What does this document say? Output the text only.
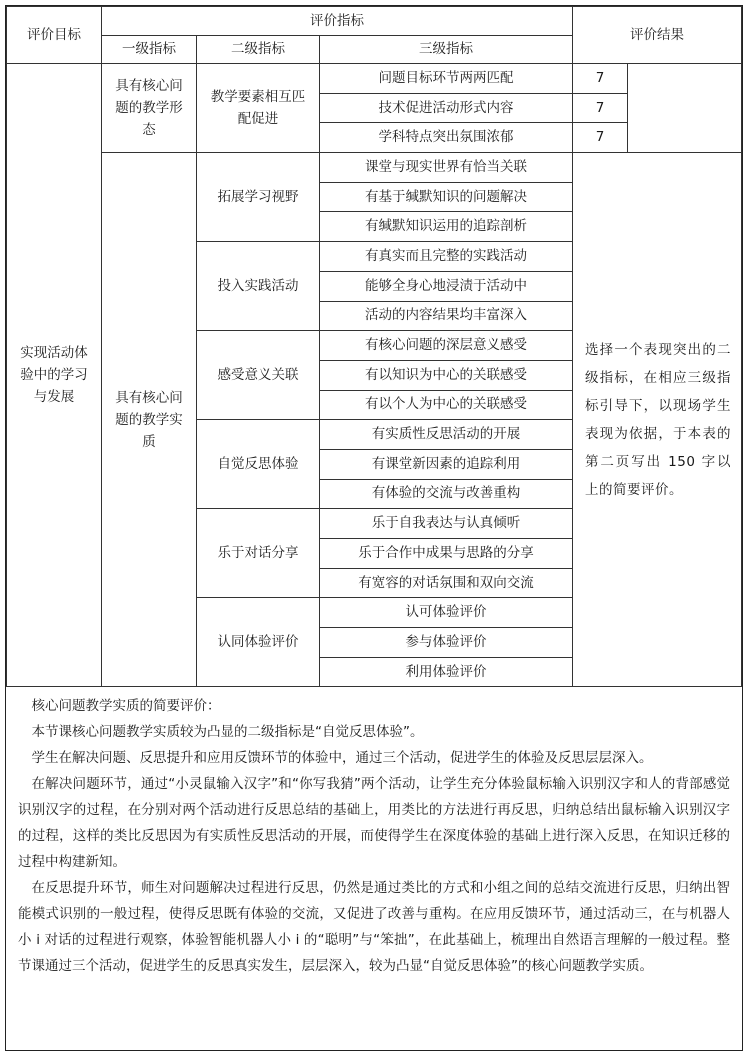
评价目标	评价指标			评价结果	
	一级指标	二级指标	三级指标		

实现活动体验中的学习与发展	具有核心问题的教学形态	教学要素相互匹配促进	问题目标环节两两匹配	7	
			技术促进活动形式内容	7	
			学科特点突出氛围浓郁	7	

	具有核心问题的教学实质	拓展学习视野	课堂与现实世界有恰当关联	选择一个表现突出的二级指标，在相应三级指标引导下，以现场学生表现为依据，于本表的第二页写出 150 字以上的简要评价。	

			有基于缄默知识的问题解决		
			有缄默知识运用的追踪剖析		
		投入实践活动	有真实而且完整的实践活动		
			能够全身心地浸渍于活动中		
			活动的内容结果均丰富深入		
		感受意义关联	有核心问题的深层意义感受		
			有以知识为中心的关联感受		
			有以个人为中心的关联感受		
		自觉反思体验	有实质性反思活动的开展		
			有课堂新因素的追踪利用		
			有体验的交流与改善重构		
		乐于对话分享	乐于自我表达与认真倾听		
			乐于合作中成果与思路的分享		
			有宽容的对话氛围和双向交流		
		认同体验评价	认可体验评价		
			参与体验评价		
			利用体验评价		

核心问题教学实质的简要评价：

本节课核心问题教学实质较为凸显的二级指标是“自觉反思体验”。

学生在解决问题、反思提升和应用反馈环节的体验中，通过三个活动，促进学生的体验及反思层层深入。

在解决问题环节，通过“小灵鼠输入汉字”和“你写我猜”两个活动，让学生充分体验鼠标输入识别汉字和人的背部感觉识别汉字的过程，在分别对两个活动进行反思总结的基础上，用类比的方法进行再反思，归纳总结出鼠标输入识别汉字的过程，这样的类比反思因为有实质性反思活动的开展，而使得学生在深度体验的基础上进行深入反思，在知识迁移的过程中构建新知。

在反思提升环节，师生对问题解决过程进行反思，仍然是通过类比的方式和小组之间的总结交流进行反思，归纳出智能模式识别的一般过程，使得反思既有体验的交流，又促进了改善与重构。在应用反馈环节，通过活动三，在与机器人小 i 对话的过程进行观察，体验智能机器人小 i 的“聪明”与“笨拙”，在此基础上，梳理出自然语言理解的一般过程。整节课通过三个活动，促进学生的反思真实发生，层层深入，较为凸显“自觉反思体验”的核心问题教学实质。
